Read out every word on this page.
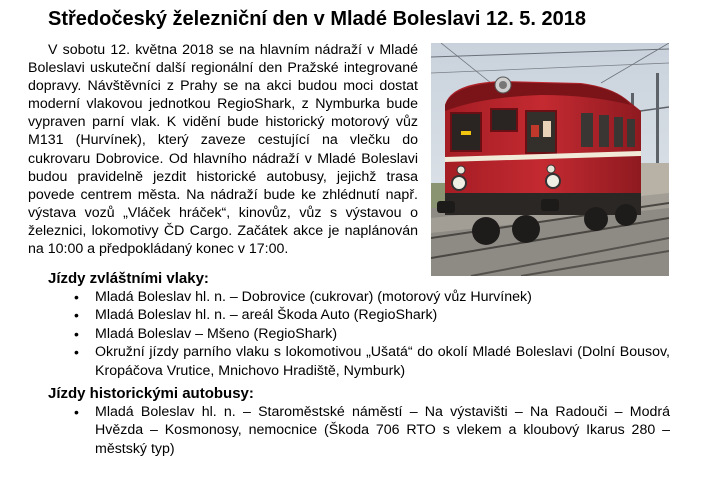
Středočeský železniční den v Mladé Boleslavi 12. 5. 2018

V sobotu 12. května 2018 se na hlavním nádraží v Mladé Boleslavi uskuteční další regionální den Pražské integrované dopravy. Návštěvníci z Prahy se na akci budou moci dostat moderní vlakovou jednotkou RegioShark, z Nymburka bude vypraven parní vlak. K vidění bude historický motorový vůz M131 (Hurvínek), který zaveze cestující na vlečku do cukrovaru Dobrovice. Od hlavního nádraží v Mladé Boleslavi budou pravidelně jezdit historické autobusy, jejichž trasa povede centrem města. Na nádraží bude ke zhlédnutí např. výstava vozů „Vláček hráček“, kinovůz, vůz s výstavou o železnici, lokomotivy ČD Cargo. Začátek akce je naplánován na 10:00 a předpokládaný konec v 17:00.

Jízdy zvláštními vlaky:
• Mladá Boleslav hl. n. – Dobrovice (cukrovar) (motorový vůz Hurvínek)
• Mladá Boleslav hl. n. – areál Škoda Auto (RegioShark)
• Mladá Boleslav – Mšeno (RegioShark)
• Okružní jízdy parního vlaku s lokomotivou „Ušatá“ do okolí Mladé Boleslavi (Dolní Bousov, Kropáčova Vrutice, Mnichovo Hradiště, Nymburk)
Jízdy historickými autobusy:
• Mladá Boleslav hl. n. – Staroměstské náměstí – Na výstavišti – Na Radouči – Modrá Hvězda – Kosmonosy, nemocnice (Škoda 706 RTO s vlekem a kloubový Ikarus 280 – městský typ)
